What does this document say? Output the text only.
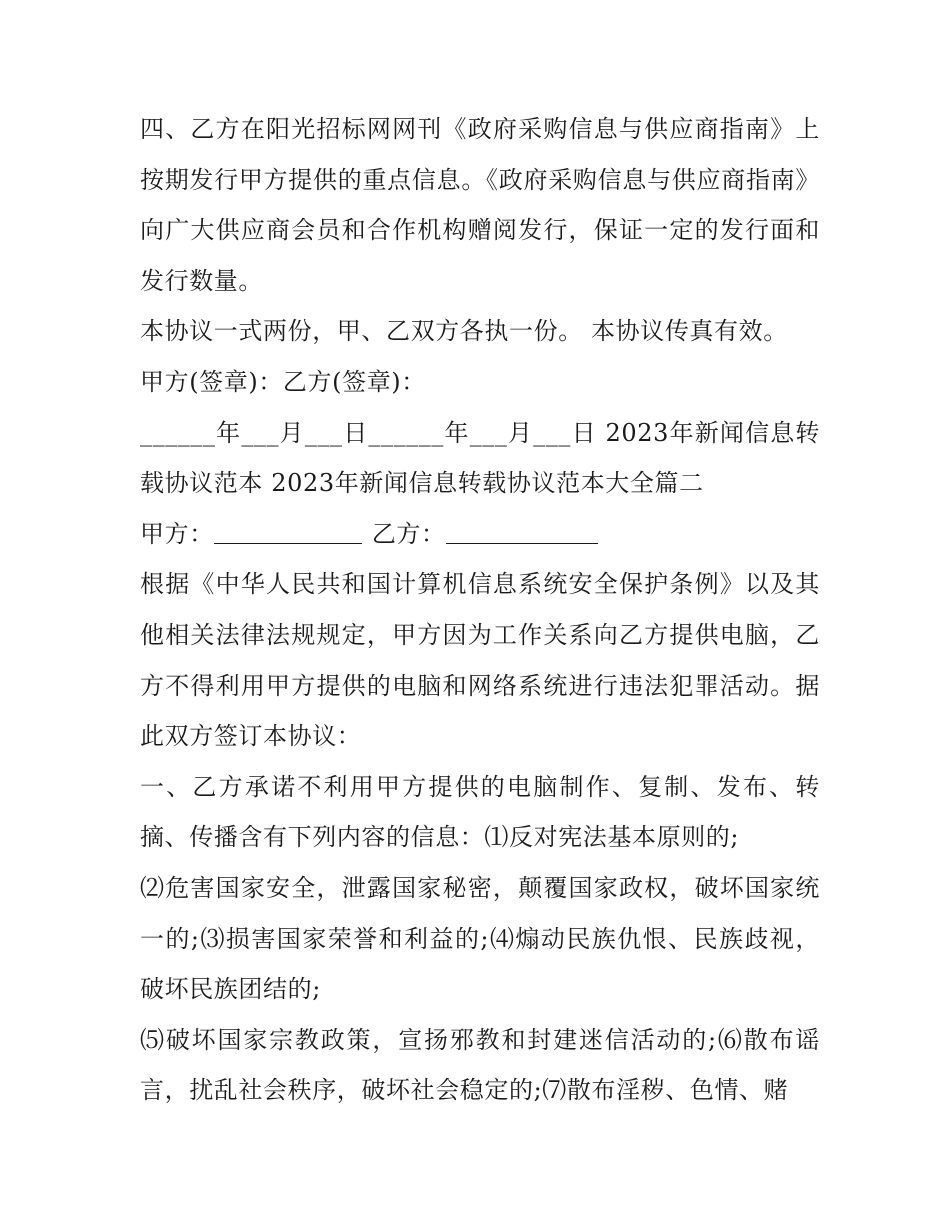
四、乙方在阳光招标网网刊《政府采购信息与供应商指南》上按期发行甲方提供的重点信息。《政府采购信息与供应商指南》向广大供应商会员和合作机构赠阅发行，保证一定的发行面和发行数量。

本协议一式两份，甲、乙双方各执一份。 本协议传真有效。

甲方(签章)：乙方(签章)：

______年___月___日______年___月___日 2023年新闻信息转载协议范本 2023年新闻信息转载协议范本大全篇二

甲方：	乙方：

根据《中华人民共和国计算机信息系统安全保护条例》以及其他相关法律法规规定，甲方因为工作关系向乙方提供电脑，乙方不得利用甲方提供的电脑和网络系统进行违法犯罪活动。据此双方签订本协议：

一、乙方承诺不利用甲方提供的电脑制作、复制、发布、转摘、传播含有下列内容的信息：⑴反对宪法基本原则的;

⑵危害国家安全，泄露国家秘密，颠覆国家政权，破坏国家统一的;⑶损害国家荣誉和利益的;⑷煽动民族仇恨、民族歧视，破坏民族团结的;

⑸破坏国家宗教政策，宣扬邪教和封建迷信活动的;⑹散布谣言，扰乱社会秩序，破坏社会稳定的;⑺散布淫秽、色情、赌
